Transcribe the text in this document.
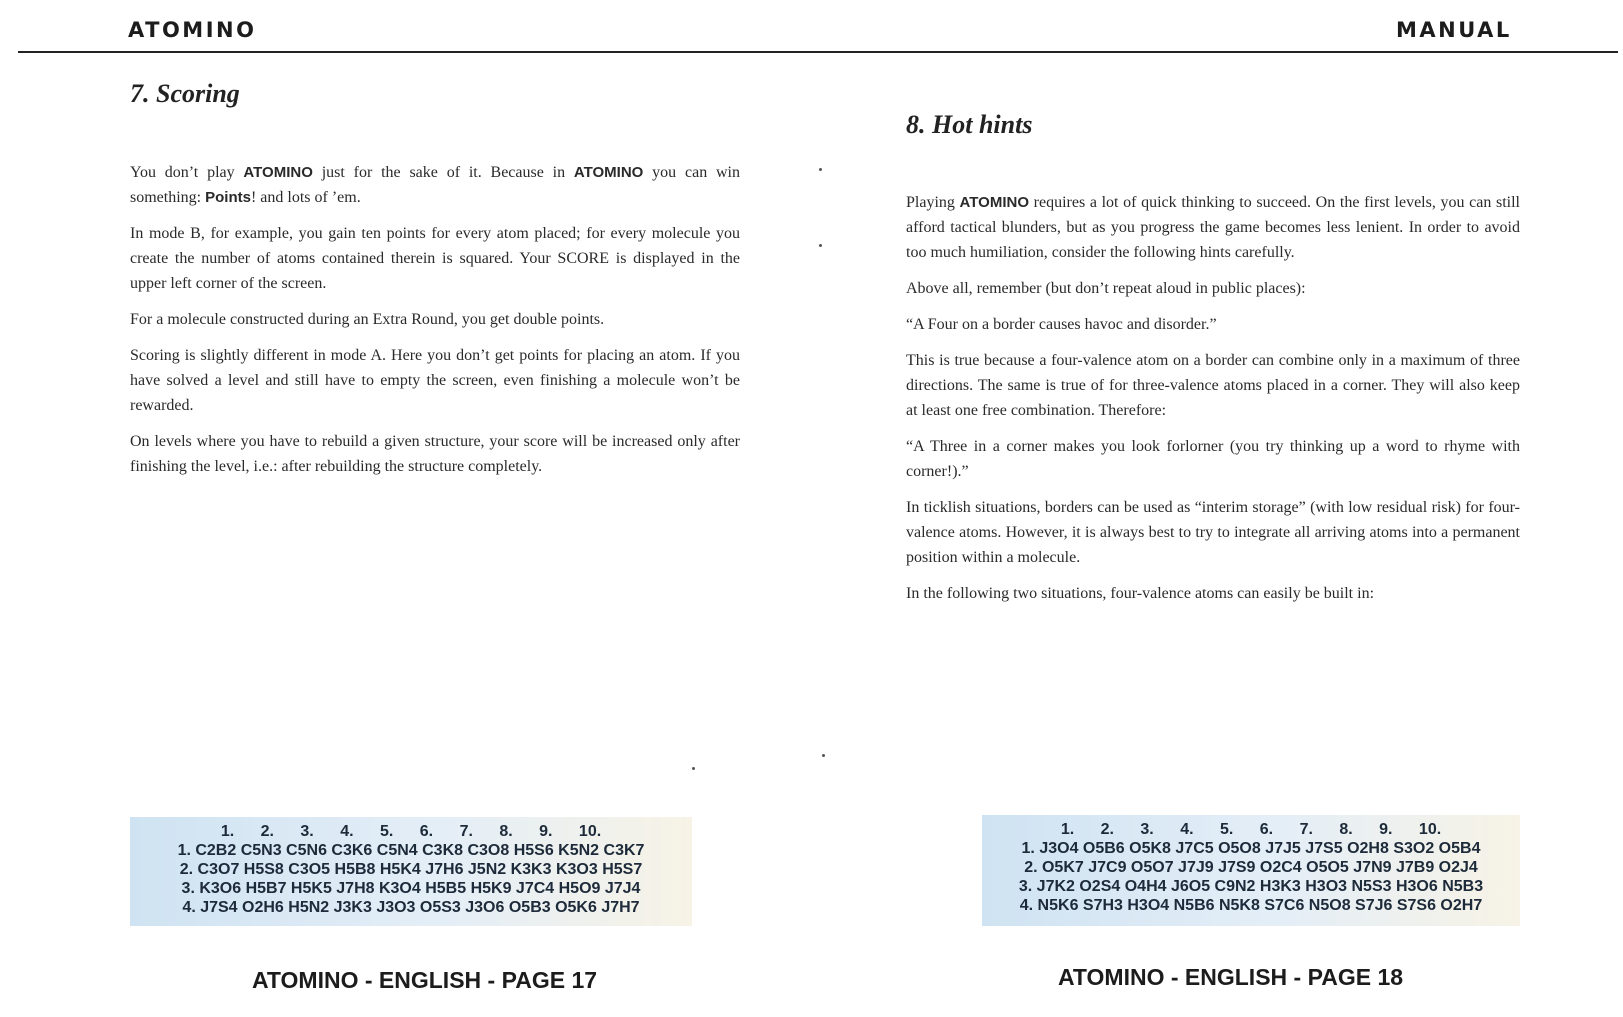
ATOMINO	MANUAL
7. Scoring

You don’t play ATOMINO just for the sake of it. Because in ATOMINO you can win something: Points! and lots of ’em.

In mode B, for example, you gain ten points for every atom placed; for every molecule you create the number of atoms contained therein is squared. Your SCORE is displayed in the upper left corner of the screen.

For a molecule constructed during an Extra Round, you get double points.

Scoring is slightly different in mode A. Here you don’t get points for placing an atom. If you have solved a level and still have to empty the screen, even finishing a molecule won’t be rewarded.

On levels where you have to rebuild a given structure, your score will be increased only after finishing the level, i.e.: after rebuilding the structure completely.

1. 2. 3. 4. 5. 6. 7. 8. 9. 10.
1. C2B2 C5N3 C5N6 C3K6 C5N4 C3K8 C3O8 H5S6 K5N2 C3K7
2. C3O7 H5S8 C3O5 H5B8 H5K4 J7H6 J5N2 K3K3 K3O3 H5S7
3. K3O6 H5B7 H5K5 J7H8 K3O4 H5B5 H5K9 J7C4 H5O9 J7J4
4. J7S4 O2H6 H5N2 J3K3 J3O3 O5S3 J3O6 O5B3 O5K6 J7H7
ATOMINO - ENGLISH - PAGE 17
8. Hot hints

Playing ATOMINO requires a lot of quick thinking to succeed. On the first levels, you can still afford tactical blunders, but as you progress the game becomes less lenient. In order to avoid too much humiliation, consider the following hints carefully.

Above all, remember (but don’t repeat aloud in public places):

“A Four on a border causes havoc and disorder.”

This is true because a four-valence atom on a border can combine only in a maximum of three directions. The same is true of for three-valence atoms placed in a corner. They will also keep at least one free combination. Therefore:

“A Three in a corner makes you look forlorner (you try thinking up a word to rhyme with corner!).”

In ticklish situations, borders can be used as “interim storage” (with low residual risk) for four-valence atoms. However, it is always best to try to integrate all arriving atoms into a permanent position within a molecule.

In the following two situations, four-valence atoms can easily be built in:

1. 2. 3. 4. 5. 6. 7. 8. 9. 10.
1. J3O4 O5B6 O5K8 J7C5 O5O8 J7J5 J7S5 O2H8 S3O2 O5B4
2. O5K7 J7C9 O5O7 J7J9 J7S9 O2C4 O5O5 J7N9 J7B9 O2J4
3. J7K2 O2S4 O4H4 J6O5 C9N2 H3K3 H3O3 N5S3 H3O6 N5B3
4. N5K6 S7H3 H3O4 N5B6 N5K8 S7C6 N5O8 S7J6 S7S6 O2H7
ATOMINO - ENGLISH - PAGE 18
